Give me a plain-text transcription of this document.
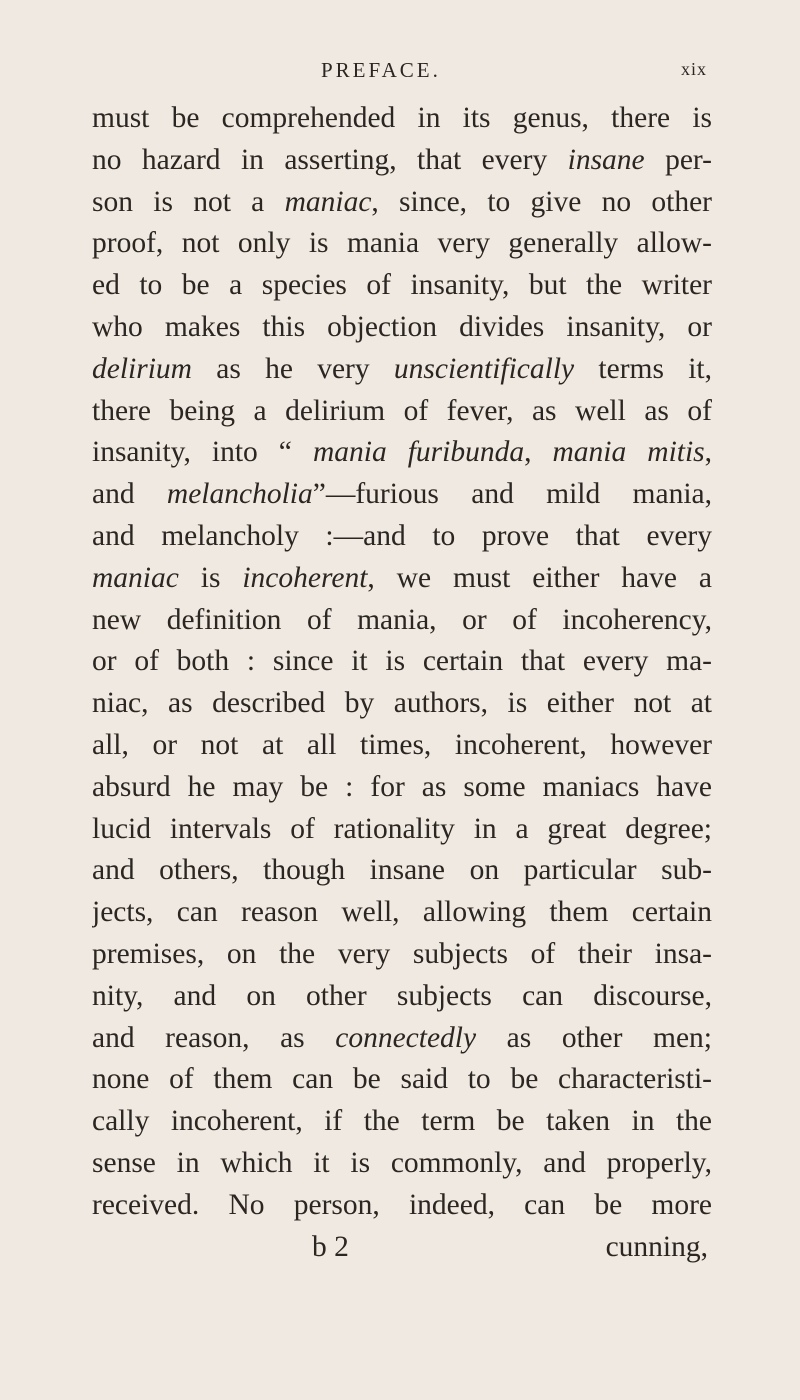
PREFACE.	xix
must be comprehended in its genus, there is
no hazard in asserting, that every insane per-
son is not a maniac, since, to give no other
proof, not only is mania very generally allow-
ed to be a species of insanity, but the writer
who makes this objection divides insanity, or
delirium as he very unscientifically terms it,
there being a delirium of fever, as well as of
insanity, into “ mania furibunda, mania mitis,
and melancholia”—furious and mild mania,
and melancholy :—and to prove that every
maniac is incoherent, we must either have a
new definition of mania, or of incoherency,
or of both : since it is certain that every ma-
niac, as described by authors, is either not at
all, or not at all times, incoherent, however
absurd he may be : for as some maniacs have
lucid intervals of rationality in a great degree;
and others, though insane on particular sub-
jects, can reason well, allowing them certain
premises, on the very subjects of their insa-
nity, and on other subjects can discourse,
and reason, as connectedly as other men;
none of them can be said to be characteristi-
cally incoherent, if the term be taken in the
sense in which it is commonly, and properly,
received. No person, indeed, can be more
b 2	cunning,
